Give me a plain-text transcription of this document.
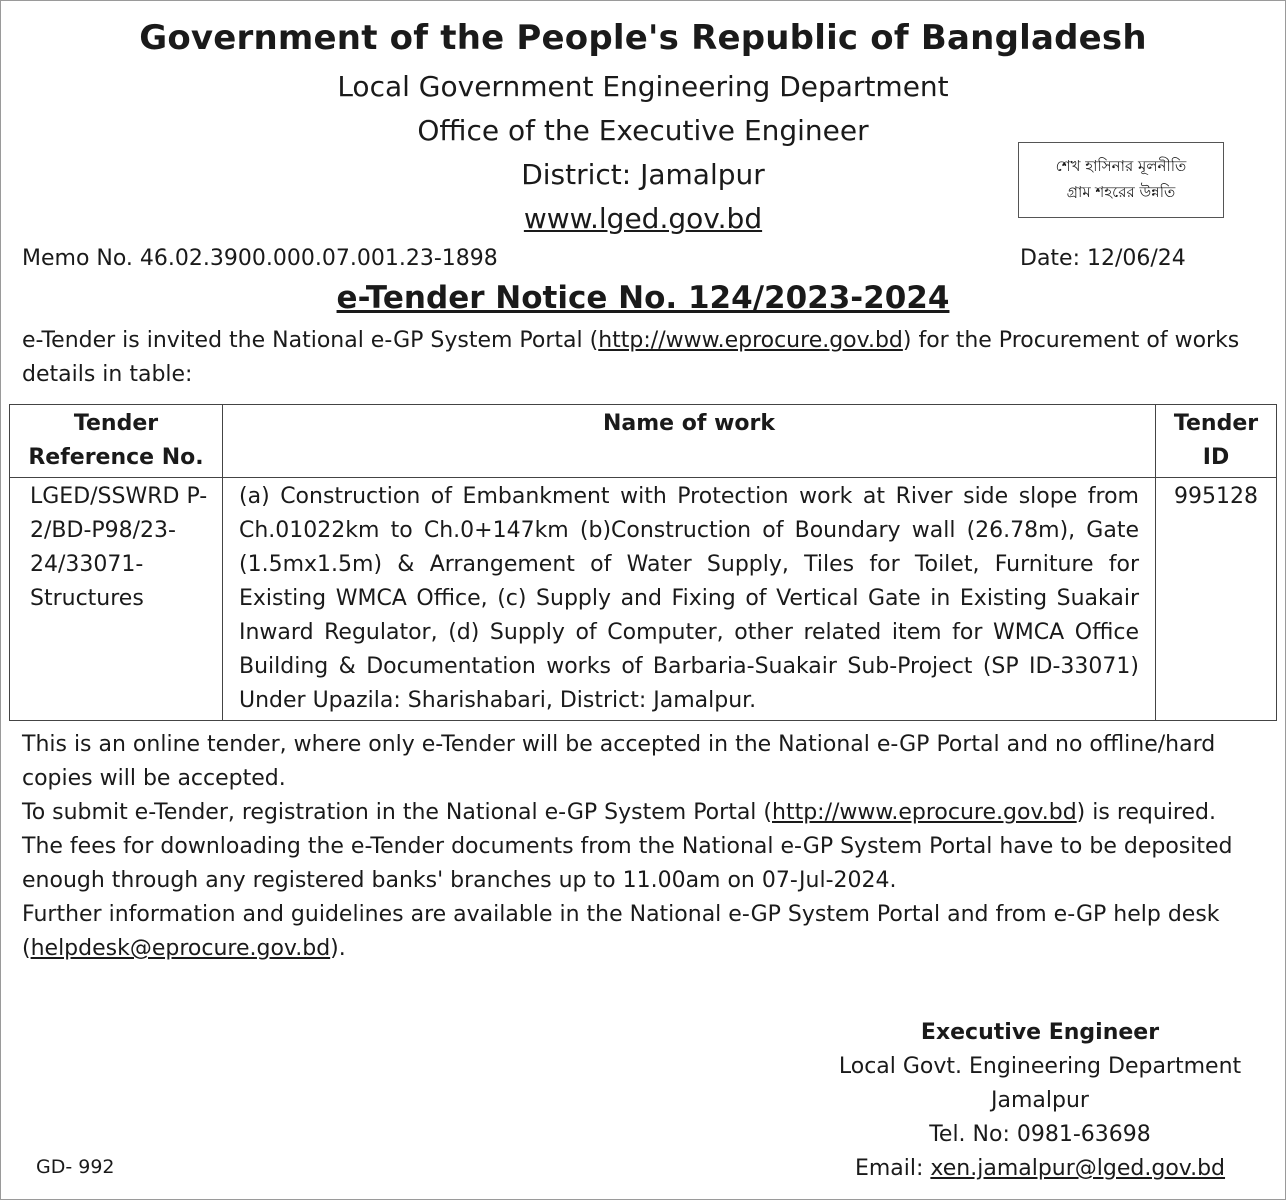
Government of the People's Republic of Bangladesh
Local Government Engineering Department
Office of the Executive Engineer
District: Jamalpur
www.lged.gov.bd
শেখ হাসিনার মূলনীতি
গ্রাম শহরের উন্নতি
Memo No. 46.02.3900.000.07.001.23-1898	Date: 12/06/24
e-Tender Notice No. 124/2023-2024
e-Tender is invited the National e-GP System Portal (http://www.eprocure.gov.bd) for the Procurement of works details in table:
Tender Reference No.	Name of work	Tender ID
LGED/SSWRD P-2/BD-P98/23-24/33071-Structures	(a) Construction of Embankment with Protection work at River side slope from Ch.01022km to Ch.0+147km (b)Construction of Boundary wall (26.78m), Gate (1.5mx1.5m) & Arrangement of Water Supply, Tiles for Toilet, Furniture for Existing WMCA Office, (c) Supply and Fixing of Vertical Gate in Existing Suakair Inward Regulator, (d) Supply of Computer, other related item for WMCA Office Building & Documentation works of Barbaria-Suakair Sub-Project (SP ID-33071) Under Upazila: Sharishabari, District: Jamalpur.	995128

This is an online tender, where only e-Tender will be accepted in the National e-GP Portal and no offline/hard copies will be accepted.

To submit e-Tender, registration in the National e-GP System Portal (http://www.eprocure.gov.bd) is required.

The fees for downloading the e-Tender documents from the National e-GP System Portal have to be deposited enough through any registered banks' branches up to 11.00am on 07-Jul-2024.

Further information and guidelines are available in the National e-GP System Portal and from e-GP help desk
(helpdesk@eprocure.gov.bd).

Executive Engineer
Local Govt. Engineering Department
Jamalpur
Tel. No: 0981-63698
Email: xen.jamalpur@lged.gov.bd
GD- 992
